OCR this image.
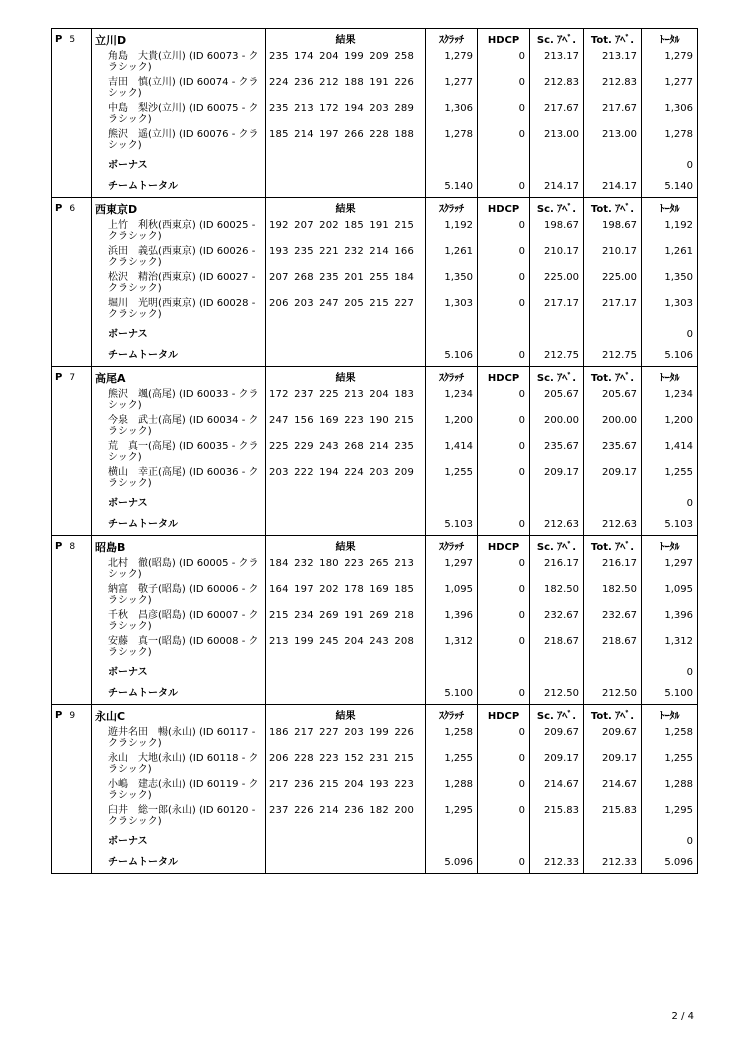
P 5	立川D	結果	ｽｸﾗｯﾁ	HDCP	Sc. ｱﾍﾞ.	Tot. ｱﾍﾞ.	ﾄｰﾀﾙ
	角島　大貴(立川) (ID 60073 - クラシック)	235 174 204 199 209 258	1,279	0	213.17	213.17	1,279
	吉田　慎(立川) (ID 60074 - クラシック)	224 236 212 188 191 226	1,277	0	212.83	212.83	1,277
	中島　梨沙(立川) (ID 60075 - クラシック)	235 213 172 194 203 289	1,306	0	217.67	217.67	1,306
	熊沢　遥(立川) (ID 60076 - クラシック)	185 214 197 266 228 188	1,278	0	213.00	213.00	1,278
	ボーナス						0
	チームトータル		5.140	0	214.17	214.17	5.140
P 6	西東京D	結果	ｽｸﾗｯﾁ	HDCP	Sc. ｱﾍﾞ.	Tot. ｱﾍﾞ.	ﾄｰﾀﾙ
	上竹　利秋(西東京) (ID 60025 - クラシック)	192 207 202 185 191 215	1,192	0	198.67	198.67	1,192
	浜田　義弘(西東京) (ID 60026 - クラシック)	193 235 221 232 214 166	1,261	0	210.17	210.17	1,261
	松沢　精治(西東京) (ID 60027 - クラシック)	207 268 235 201 255 184	1,350	0	225.00	225.00	1,350
	堀川　光明(西東京) (ID 60028 - クラシック)	206 203 247 205 215 227	1,303	0	217.17	217.17	1,303
	ボーナス						0
	チームトータル		5.106	0	212.75	212.75	5.106
P 7	高尾A	結果	ｽｸﾗｯﾁ	HDCP	Sc. ｱﾍﾞ.	Tot. ｱﾍﾞ.	ﾄｰﾀﾙ
	熊沢　颯(高尾) (ID 60033 - クラシック)	172 237 225 213 204 183	1,234	0	205.67	205.67	1,234
	今泉　武士(高尾) (ID 60034 - クラシック)	247 156 169 223 190 215	1,200	0	200.00	200.00	1,200
	荒　真一(高尾) (ID 60035 - クラシック)	225 229 243 268 214 235	1,414	0	235.67	235.67	1,414
	横山　幸正(高尾) (ID 60036 - クラシック)	203 222 194 224 203 209	1,255	0	209.17	209.17	1,255
	ボーナス						0
	チームトータル		5.103	0	212.63	212.63	5.103
P 8	昭島B	結果	ｽｸﾗｯﾁ	HDCP	Sc. ｱﾍﾞ.	Tot. ｱﾍﾞ.	ﾄｰﾀﾙ
	北村　徹(昭島) (ID 60005 - クラシック)	184 232 180 223 265 213	1,297	0	216.17	216.17	1,297
	納富　敬子(昭島) (ID 60006 - クラシック)	164 197 202 178 169 185	1,095	0	182.50	182.50	1,095
	千秋　昌彦(昭島) (ID 60007 - クラシック)	215 234 269 191 269 218	1,396	0	232.67	232.67	1,396
	安藤　真一(昭島) (ID 60008 - クラシック)	213 199 245 204 243 208	1,312	0	218.67	218.67	1,312
	ボーナス						0
	チームトータル		5.100	0	212.50	212.50	5.100
P 9	永山C	結果	ｽｸﾗｯﾁ	HDCP	Sc. ｱﾍﾞ.	Tot. ｱﾍﾞ.	ﾄｰﾀﾙ
	遊井名田　暢(永山) (ID 60117 - クラシック)	186 217 227 203 199 226	1,258	0	209.67	209.67	1,258
	永山　大地(永山) (ID 60118 - クラシック)	206 228 223 152 231 215	1,255	0	209.17	209.17	1,255
	小嶋　建志(永山) (ID 60119 - クラシック)	217 236 215 204 193 223	1,288	0	214.67	214.67	1,288
	臼井　総一郎(永山) (ID 60120 - クラシック)	237 226 214 236 182 200	1,295	0	215.83	215.83	1,295
	ボーナス						0
	チームトータル		5.096	0	212.33	212.33	5.096
2 / 4
